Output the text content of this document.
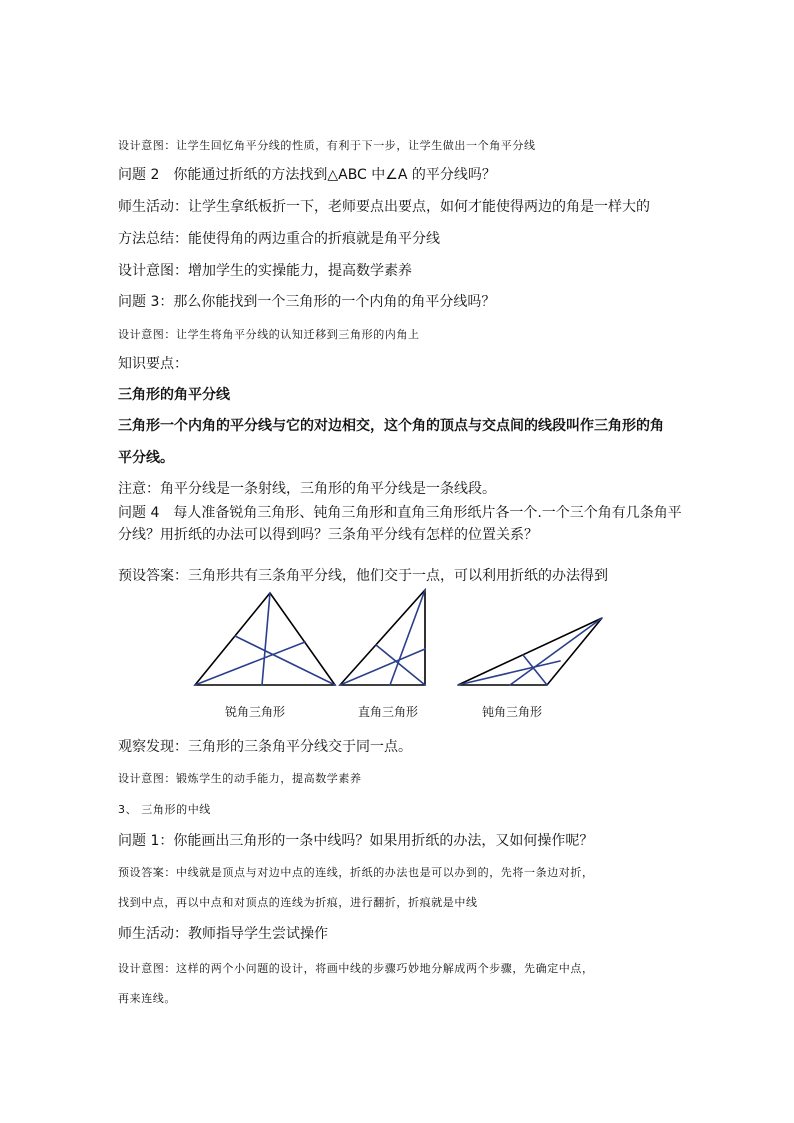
设计意图：让学生回忆角平分线的性质，有利于下一步，让学生做出一个角平分线
问题 2　你能通过折纸的方法找到△ABC 中∠A 的平分线吗？
师生活动：让学生拿纸板折一下，老师要点出要点，如何才能使得两边的角是一样大的
方法总结：能使得角的两边重合的折痕就是角平分线
设计意图：增加学生的实操能力，提高数学素养
问题 3：那么你能找到一个三角形的一个内角的角平分线吗？
设计意图：让学生将角平分线的认知迁移到三角形的内角上
知识要点：
三角形的角平分线
三角形一个内角的平分线与它的对边相交，这个角的顶点与交点间的线段叫作三角形的角
平分线。
注意：角平分线是一条射线，三角形的角平分线是一条线段。
问题 4　每人准备锐角三角形、钝角三角形和直角三角形纸片各一个.一个三个角有几条角平
分线？用折纸的办法可以得到吗？三条角平分线有怎样的位置关系？
预设答案：三角形共有三条角平分线，他们交于一点，可以利用折纸的办法得到
锐角三角形	直角三角形	钝角三角形
观察发现：三角形的三条角平分线交于同一点。
设计意图：锻炼学生的动手能力，提高数学素养
3、 三角形的中线
问题 1：你能画出三角形的一条中线吗？如果用折纸的办法，又如何操作呢？
预设答案：中线就是顶点与对边中点的连线，折纸的办法也是可以办到的，先将一条边对折，
找到中点，再以中点和对顶点的连线为折痕，进行翻折，折痕就是中线
师生活动：教师指导学生尝试操作
设计意图：这样的两个小问题的设计，将画中线的步骤巧妙地分解成两个步骤，先确定中点，
再来连线。
